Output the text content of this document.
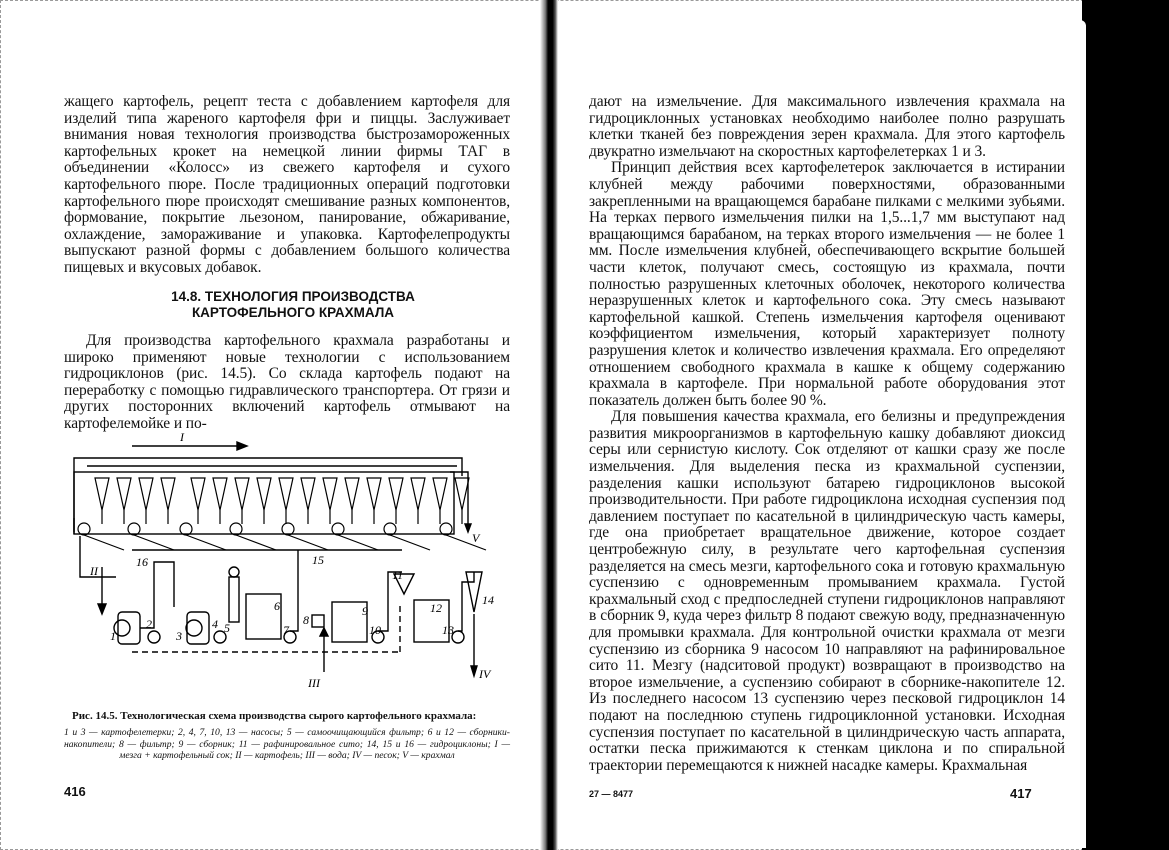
жащего картофель, рецепт теста с добавлением картофеля для изделий типа жареного картофеля фри и пиццы. Заслуживает внимания новая технология производства быстрозамороженных картофельных крокет на немецкой линии фирмы ТАГ в объединении «Колосс» из свежего картофеля и сухого картофельного пюре. После традиционных операций подготовки картофельного пюре происходят смешивание разных компонентов, формование, покрытие льезоном, панирование, обжаривание, охлаждение, замораживание и упаковка. Картофелепродукты выпускают разной формы с добавлением большого количества пищевых и вкусовых добавок.

14.8. ТЕХНОЛОГИЯ ПРОИЗВОДСТВА
КАРТОФЕЛЬНОГО КРАХМАЛА

Для производства картофельного крахмала разработаны и широко применяют новые технологии с использованием гидроциклонов (рис. 14.5). Со склада картофель подают на переработку с помощью гидравлического транспортера. От грязи и других посторонних включений картофель отмывают на картофелемойке и по-

I
II
III
IV
V
1
2
3
4 5
6
7
8
9
10
11
12
13
14
15
16
Рис. 14.5. Технологическая схема производства сырого картофельного крахмала:
1 и 3 — картофелетерки; 2, 4, 7, 10, 13 — насосы; 5 — самоочищающийся фильтр; 6 и 12 — сборники-накопители; 8 — фильтр; 9 — сборник; 11 — рафинировальное сито; 14, 15 и 16 — гидроциклоны; I — мезга + картофельный сок; II — картофель; III — вода; IV — песок; V — крахмал
416

дают на измельчение. Для максимального извлечения крахмала на гидроциклонных установках необходимо наиболее полно разрушать клетки тканей без повреждения зерен крахмала. Для этого картофель двукратно измельчают на скоростных картофелетерках 1 и 3.

Принцип действия всех картофелетерок заключается в истирании клубней между рабочими поверхностями, образованными закрепленными на вращающемся барабане пилками с мелкими зубьями. На терках первого измельчения пилки на 1,5...1,7 мм выступают над вращающимся барабаном, на терках второго измельчения — не более 1 мм. После измельчения клубней, обеспечивающего вскрытие большей части клеток, получают смесь, состоящую из крахмала, почти полностью разрушенных клеточных оболочек, некоторого количества неразрушенных клеток и картофельного сока. Эту смесь называют картофельной кашкой. Степень измельчения картофеля оценивают коэффициентом измельчения, который характеризует полноту разрушения клеток и количество извлечения крахмала. Его определяют отношением свободного крахмала в кашке к общему содержанию крахмала в картофеле. При нормальной работе оборудования этот показатель должен быть более 90 %.

Для повышения качества крахмала, его белизны и предупреждения развития микроорганизмов в картофельную кашку добавляют диоксид серы или сернистую кислоту. Сок отделяют от кашки сразу же после измельчения. Для выделения песка из крахмальной суспензии, разделения кашки используют батарею гидроциклонов высокой производительности. При работе гидроциклона исходная суспензия под давлением поступает по касательной в цилиндрическую часть камеры, где она приобретает вращательное движение, которое создает центробежную силу, в результате чего картофельная суспензия разделяется на смесь мезги, картофельного сока и готовую крахмальную суспензию с одновременным промыванием крахмала. Густой крахмальный сход с предпоследней ступени гидроциклонов направляют в сборник 9, куда через фильтр 8 подают свежую воду, предназначенную для промывки крахмала. Для контрольной очистки крахмала от мезги суспензию из сборника 9 насосом 10 направляют на рафинировальное сито 11. Мезгу (надситовой продукт) возвращают в производство на второе измельчение, а суспензию собирают в сборнике-накопителе 12. Из последнего насосом 13 суспензию через песковой гидроциклон 14 подают на последнюю ступень гидроциклонной установки. Исходная суспензия поступает по касательной в цилиндрическую часть аппарата, остатки песка прижимаются к стенкам циклона и по спиральной траектории перемещаются к нижней насадке камеры. Крахмальная

27 — 8477	417
